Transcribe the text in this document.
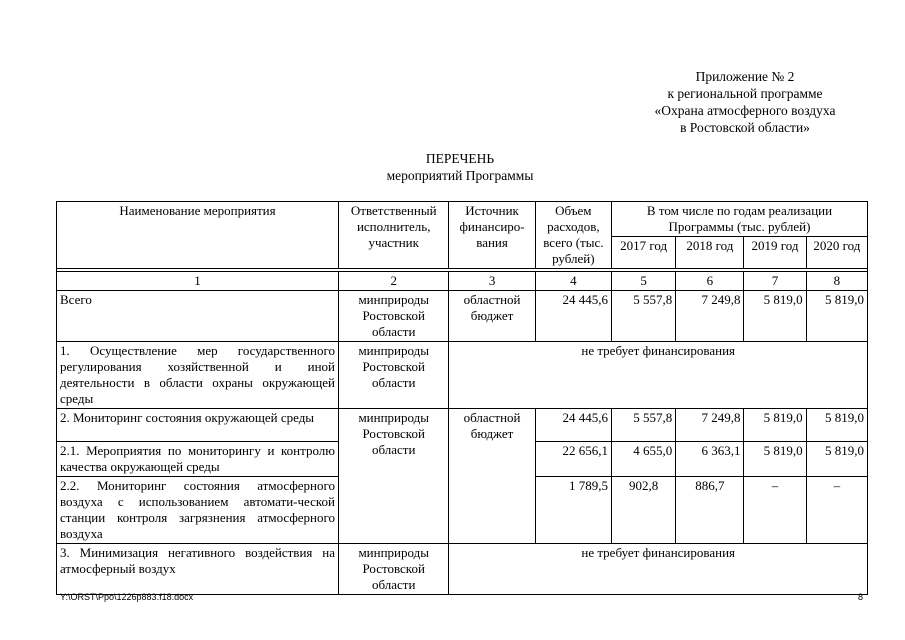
Приложение № 2
к региональной программе
«Охрана атмосферного воздуха
в Ростовской области»
ПЕРЕЧЕНЬ
мероприятий Программы
Наименование мероприятия	Ответственный исполнитель, участник	Источник финансиро-вания	Объем расходов, всего (тыс. рублей)	В том числе по годам реализации Программы (тыс. рублей)			
				2017 год	2018 год	2019 год	2020 год

1	2	3	4	5	6	7	8
Всего	минприроды Ростовской области	областной бюджет	24 445,6	5 557,8	7 249,8	5 819,0	5 819,0
1. Осуществление мер государственного регулирования хозяйственной и иной деятельности в области охраны окружающей среды	минприроды Ростовской области	не требует финансирования					
2. Мониторинг состояния окружающей среды	минприроды Ростовской области	областной бюджет	24 445,6	5 557,8	7 249,8	5 819,0	5 819,0
2.1. Мероприятия по мониторингу и контролю качества окружающей среды			22 656,1	4 655,0	6 363,1	5 819,0	5 819,0
2.2. Мониторинг состояния атмосферного воздуха с использованием автомати-ческой станции контроля загрязнения атмосферного воздуха			1 789,5	902,8	886,7	–	–
3. Минимизация негативного воздействия на атмосферный воздух	минприроды Ростовской области	не требует финансирования					
Y:\ORST\Ppo\1226p883.f18.docx	8
